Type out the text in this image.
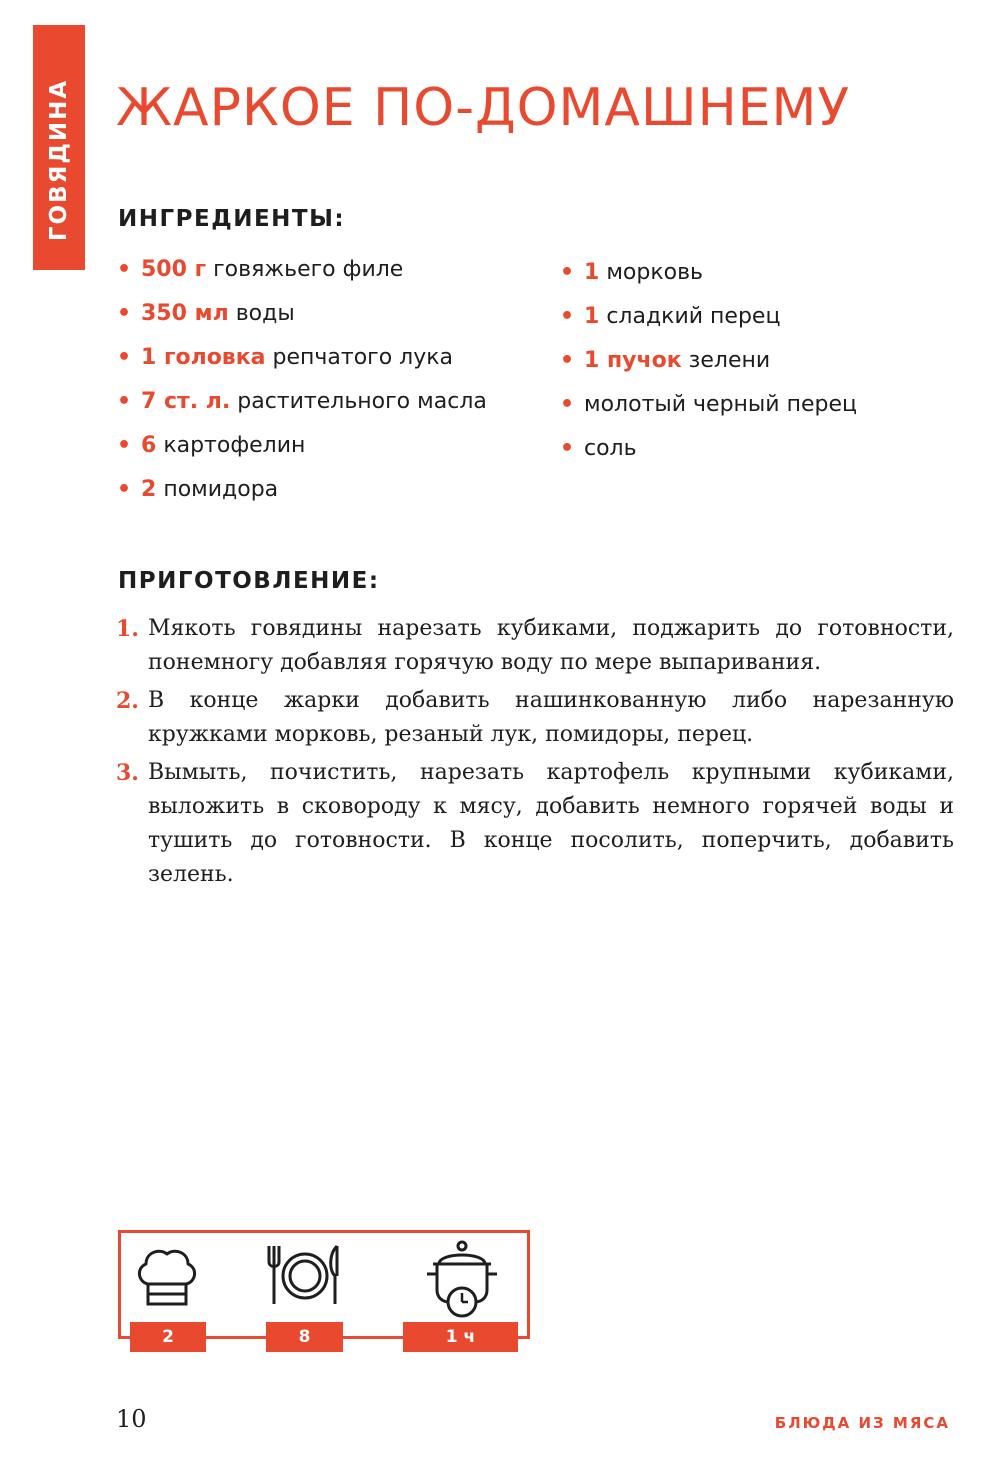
ГОВЯДИНА ЖАРКОЕ ПО-ДОМАШНЕМУ
ИНГРЕДИЕНТЫ:
• 500 г говяжьего филе
• 350 мл воды
• 1 головка репчатого лука
• 7 ст. л. растительного масла
• 6 картофелин
• 2 помидора
• 1 морковь
• 1 сладкий перец
• 1 пучок зелени
• молотый черный перец
• соль
ПРИГОТОВЛЕНИЕ:
1. Мякоть говядины нарезать кубиками, поджарить до готовности, понемногу добавляя горячую воду по мере выпаривания.
2. В конце жарки добавить нашинкованную либо нарезанную кружками морковь, резаный лук, помидоры, перец.
3. Вымыть, почистить, нарезать картофель крупными кубиками, выложить в сковороду к мясу, добавить немного горячей воды и тушить до готовности. В конце посолить, поперчить, добавить зелень.
2	8	1 ч
10	БЛЮДА ИЗ МЯСА
